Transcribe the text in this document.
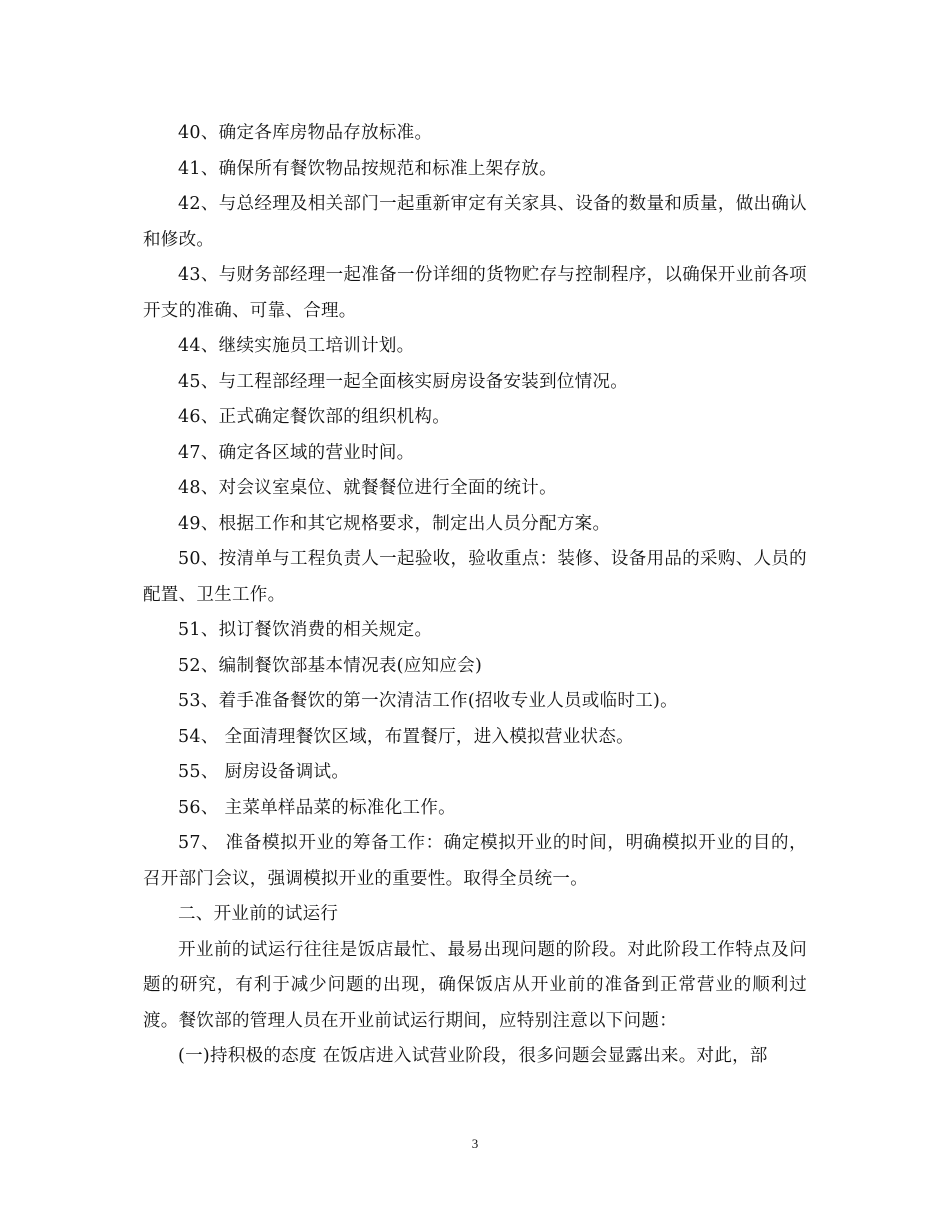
40、确定各库房物品存放标准。

41、确保所有餐饮物品按规范和标准上架存放。

42、与总经理及相关部门一起重新审定有关家具、设备的数量和质量，做出确认和修改。

43、与财务部经理一起准备一份详细的货物贮存与控制程序，以确保开业前各项开支的准确、可靠、合理。

44、继续实施员工培训计划。

45、与工程部经理一起全面核实厨房设备安装到位情况。

46、正式确定餐饮部的组织机构。

47、确定各区域的营业时间。

48、对会议室桌位、就餐餐位进行全面的统计。

49、根据工作和其它规格要求，制定出人员分配方案。

50、按清单与工程负责人一起验收，验收重点：装修、设备用品的采购、人员的配置、卫生工作。

51、拟订餐饮消费的相关规定。

52、编制餐饮部基本情况表(应知应会)

53、着手准备餐饮的第一次清洁工作(招收专业人员或临时工)。

54、 全面清理餐饮区域，布置餐厅，进入模拟营业状态。

55、 厨房设备调试。

56、 主菜单样品菜的标准化工作。

57、 准备模拟开业的筹备工作：确定模拟开业的时间，明确模拟开业的目的，召开部门会议，强调模拟开业的重要性。取得全员统一。

二、开业前的试运行

开业前的试运行往往是饭店最忙、最易出现问题的阶段。对此阶段工作特点及问题的研究，有利于减少问题的出现，确保饭店从开业前的准备到正常营业的顺利过渡。餐饮部的管理人员在开业前试运行期间，应特别注意以下问题：

(一)持积极的态度 在饭店进入试营业阶段，很多问题会显露出来。对此，部

3
